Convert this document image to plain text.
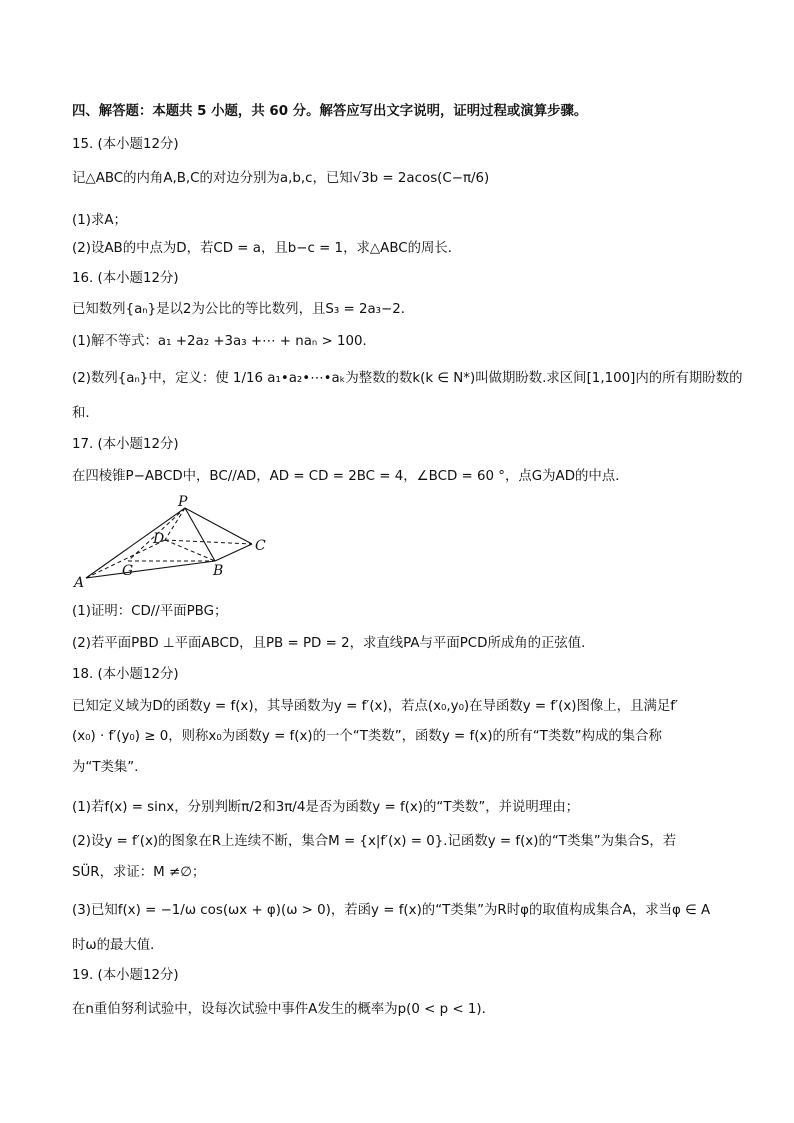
四、解答题：本题共 5 小题，共 60 分。解答应写出文字说明，证明过程或演算步骤。
15. (本小题12分)
记△ABC的内角A,B,C的对边分别为a,b,c，已知√3b = 2acos(C−π/6)
(1)求A；
(2)设AB的中点为D，若CD = a，且b−c = 1，求△ABC的周长．
16. (本小题12分)
已知数列{aₙ}是以2为公比的等比数列，且S₃ = 2a₃−2．
(1)解不等式：a₁ +2a₂ +3a₃ +⋯ + naₙ > 100．
(2)数列{aₙ}中，定义：使 1/16 a₁•a₂•⋯•aₖ为整数的数k(k ∈ N*)叫做期盼数.求区间[1,100]内的所有期盼数的
和．
17. (本小题12分)
在四棱锥P−ABCD中，BC//AD，AD = CD = 2BC = 4，∠BCD = 60 °，点G为AD的中点．
(1)证明：CD//平面PBG；
(2)若平面PBD ⊥平面ABCD，且PB = PD = 2，求直线PA与平面PCD所成角的正弦值．
18. (本小题12分)
已知定义域为D的函数y = f(x)，其导函数为y = f′(x)，若点(x₀,y₀)在导函数y = f′(x)图像上，且满足f′
(x₀) · f′(y₀) ≥ 0，则称x₀为函数y = f(x)的一个“T类数”，函数y = f(x)的所有“T类数”构成的集合称
为“T类集”．
(1)若f(x) = sinx，分别判断π/2和3π/4是否为函数y = f(x)的“T类数”，并说明理由；
(2)设y = f′(x)的图象在R上连续不断，集合M = {x|f′(x) = 0}.记函数y = f(x)的“T类集”为集合S，若
SÜR，求证：M ≠∅；
(3)已知f(x) = −1/ω cos(ωx + φ)(ω > 0)，若函y = f(x)的“T类集”为R时φ的取值构成集合A，求当φ ∈ A
时ω的最大值．
19. (本小题12分)
在n重伯努利试验中，设每次试验中事件A发生的概率为p(0 < p < 1)．
P
D	C
G	B
A
